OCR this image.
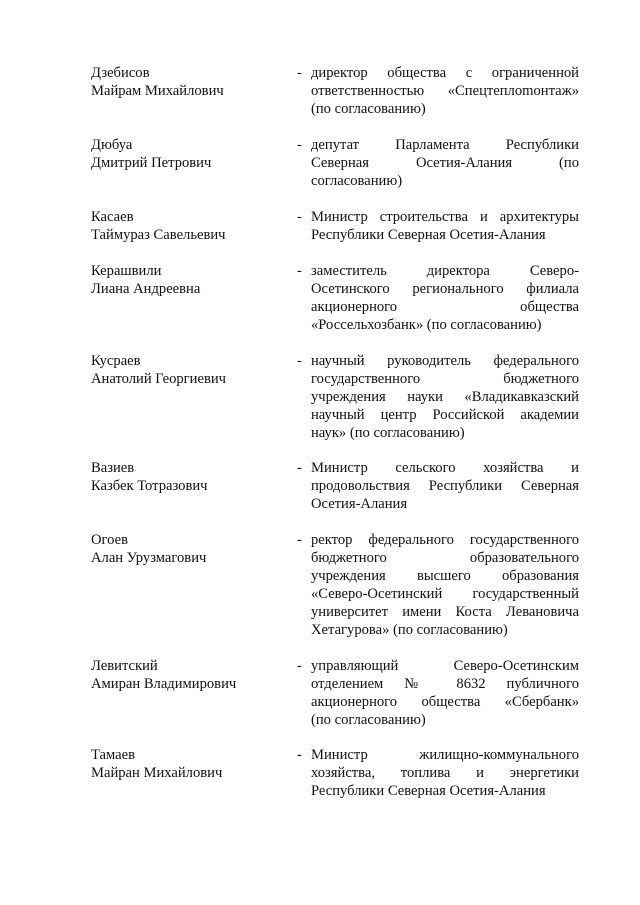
Дзебисов
Майрам Михайлович
- директор общества с ограниченной
ответственностью «Спецтеплomонтаж»
(по согласованию)
Дюбуа
Дмитрий Петрович
- депутат Парламента Республики
Северная Осетия-Алания (по
согласованию)
Касаев
Таймураз Савельевич
- Министр строительства и архитектуры
Республики Северная Осетия-Алания
Керашвили
Лиана Андреевна
- заместитель директора Северо-
Осетинского регионального филиала
акционерного общества
«Россельхозбанк» (по согласованию)
Кусраев
Анатолий Георгиевич
- научный руководитель федерального
государственного бюджетного
учреждения науки «Владикавказский
научный центр Российской академии
наук» (по согласованию)
Вазиев
Казбек Тотразович
- Министр сельского хозяйства и
продовольствия Республики Северная
Осетия-Алания
Огоев
Алан Урузмагович
- ректор федерального государственного
бюджетного образовательного
учреждения высшего образования
«Северо-Осетинский государственный
университет имени Коста Левановича
Хетагурова» (по согласованию)
Левитский
Амиран Владимирович
- управляющий Северо-Осетинским
отделением № 8632 публичного
акционерного общества «Сбербанк»
(по согласованию)
Тамаев
Майран Михайлович
- Министр жилищно-коммунального
хозяйства, топлива и энергетики
Республики Северная Осетия-Алания
